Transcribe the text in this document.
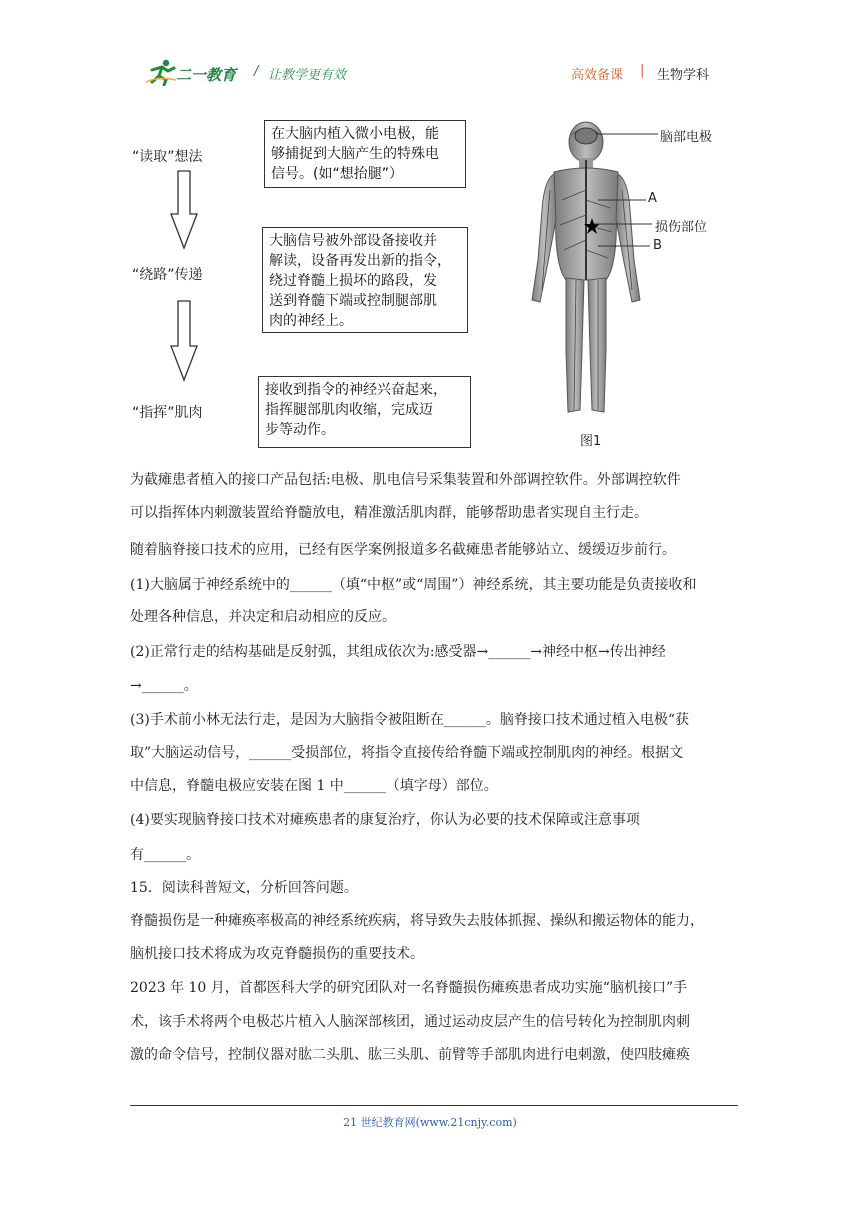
二一教育 / 让教学更有效	高效备课 | 生物学科
“读取”想法
在大脑内植入微小电极，能
够捕捉到大脑产生的特殊电
信号。(如“想抬腿”）
“绕路”传递
大脑信号被外部设备接收并
解读，设备再发出新的指令，
绕过脊髓上损坏的路段，发
送到脊髓下端或控制腿部肌
肉的神经上。
“指挥”肌肉
接收到指令的神经兴奋起来，
指挥腿部肌肉收缩，完成迈
步等动作。
脑部电极
A
损伤部位
B
图1
为截瘫患者植入的接口产品包括:电极、肌电信号采集装置和外部调控软件。外部调控软件
可以指挥体内刺激装置给脊髓放电，精准激活肌肉群，能够帮助患者实现自主行走。
随着脑脊接口技术的应用，已经有医学案例报道多名截瘫患者能够站立、缓缓迈步前行。
(1)大脑属于神经系统中的______（填“中枢”或“周围”）神经系统，其主要功能是负责接收和
处理各种信息，并决定和启动相应的反应。
(2)正常行走的结构基础是反射弧，其组成依次为:感受器→______→神经中枢→传出神经
→______。
(3)手术前小林无法行走，是因为大脑指令被阻断在______。脑脊接口技术通过植入电极“获
取”大脑运动信号，______受损部位，将指令直接传给脊髓下端或控制肌肉的神经。根据文
中信息，脊髓电极应安装在图 1 中______（填字母）部位。
(4)要实现脑脊接口技术对瘫痪患者的康复治疗，你认为必要的技术保障或注意事项
有______。
15．阅读科普短文，分析回答问题。
脊髓损伤是一种瘫痪率极高的神经系统疾病，将导致失去肢体抓握、操纵和搬运物体的能力，
脑机接口技术将成为攻克脊髓损伤的重要技术。
2023 年 10 月，首都医科大学的研究团队对一名脊髓损伤瘫痪患者成功实施“脑机接口”手
术，该手术将两个电极芯片植入人脑深部核团，通过运动皮层产生的信号转化为控制肌肉刺
激的命令信号，控制仪器对肱二头肌、肱三头肌、前臂等手部肌肉进行电刺激，使四肢瘫痪
21 世纪教育网(www.21cnjy.com)
